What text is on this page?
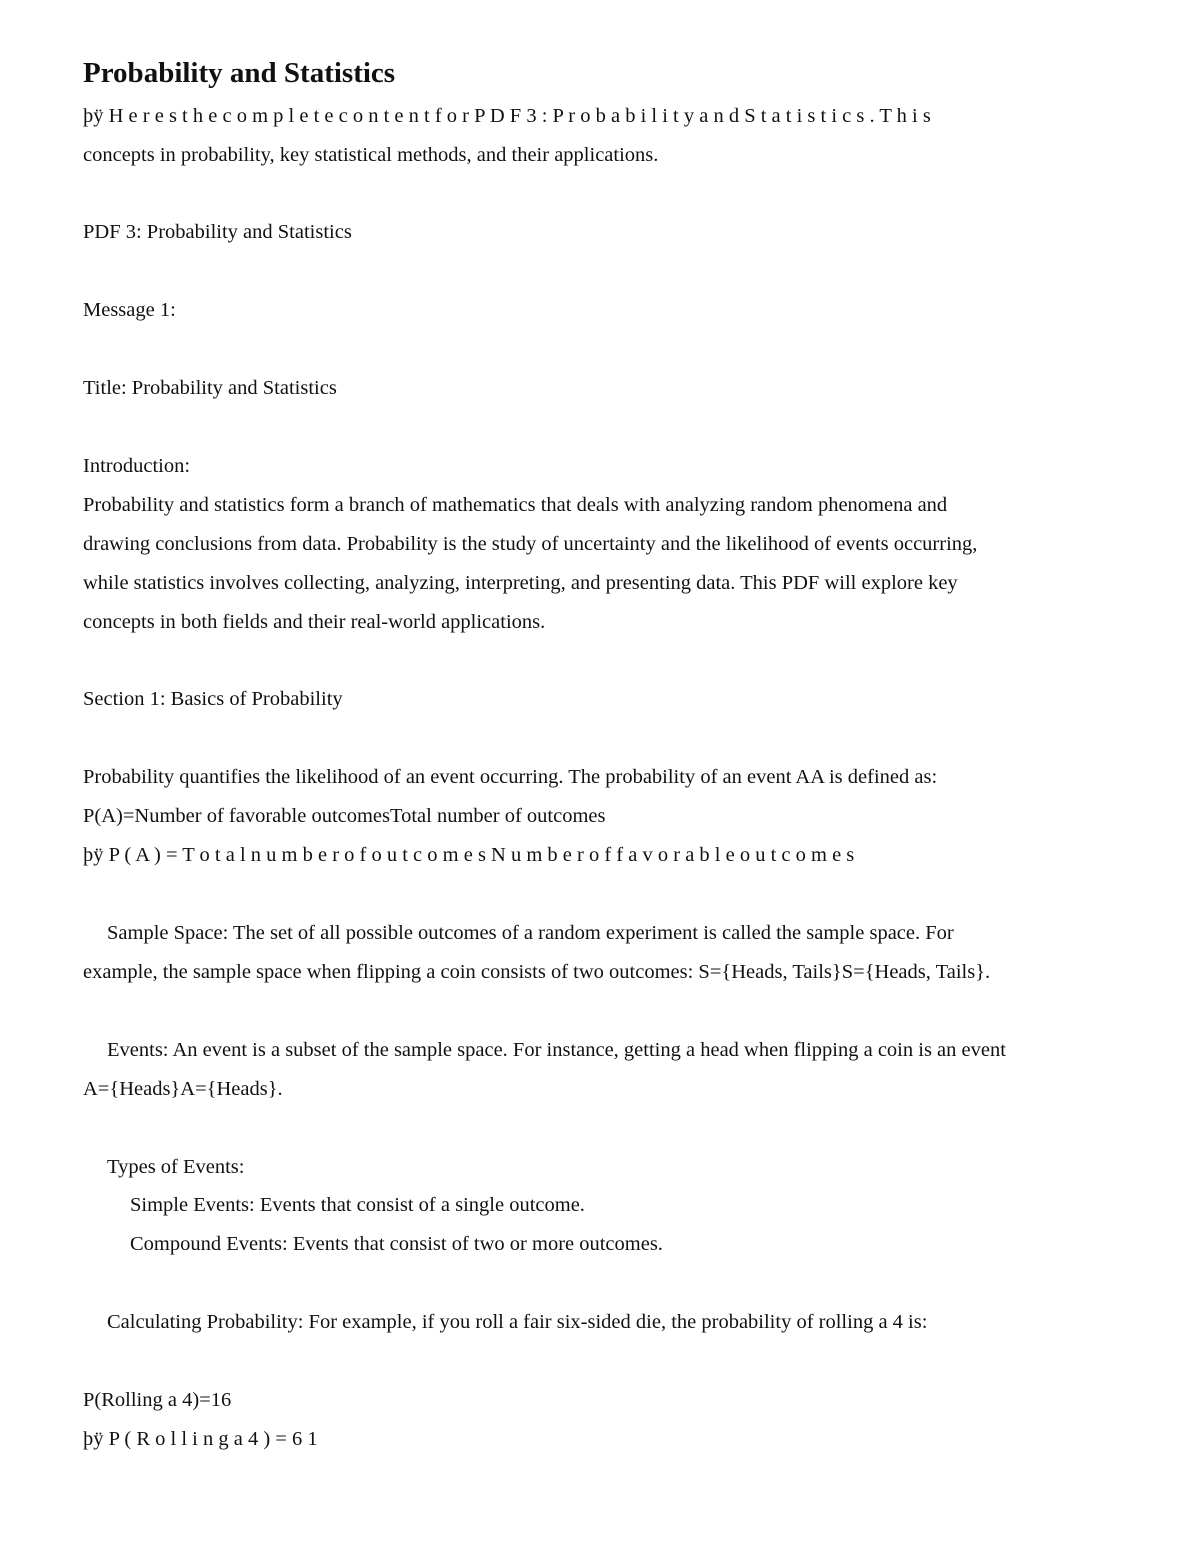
Probability and Statistics
þÿ H e r e s t h e c o m p l e t e c o n t e n t f o r P D F 3 : P r o b a b i l i t y a n d S t a t i s t i c s . T h i s
concepts in probability, key statistical methods, and their applications.
PDF 3: Probability and Statistics
Message 1:
Title: Probability and Statistics
Introduction:
Probability and statistics form a branch of mathematics that deals with analyzing random phenomena and
drawing conclusions from data. Probability is the study of uncertainty and the likelihood of events occurring,
while statistics involves collecting, analyzing, interpreting, and presenting data. This PDF will explore key
concepts in both fields and their real-world applications.
Section 1: Basics of Probability
Probability quantifies the likelihood of an event occurring. The probability of an event AA is defined as:
P(A)=Number of favorable outcomesTotal number of outcomes
þÿ P ( A ) = T o t a l n u m b e r o f o u t c o m e s N u m b e r o f f a v o r a b l e o u t c o m e s
Sample Space: The set of all possible outcomes of a random experiment is called the sample space. For
example, the sample space when flipping a coin consists of two outcomes: S={Heads, Tails}S={Heads, Tails}.
Events: An event is a subset of the sample space. For instance, getting a head when flipping a coin is an event
A={Heads}A={Heads}.
Types of Events:
Simple Events: Events that consist of a single outcome.
Compound Events: Events that consist of two or more outcomes.
Calculating Probability: For example, if you roll a fair six-sided die, the probability of rolling a 4 is:
P(Rolling a 4)=16
þÿ P ( R o l l i n g a 4 ) = 6 1
